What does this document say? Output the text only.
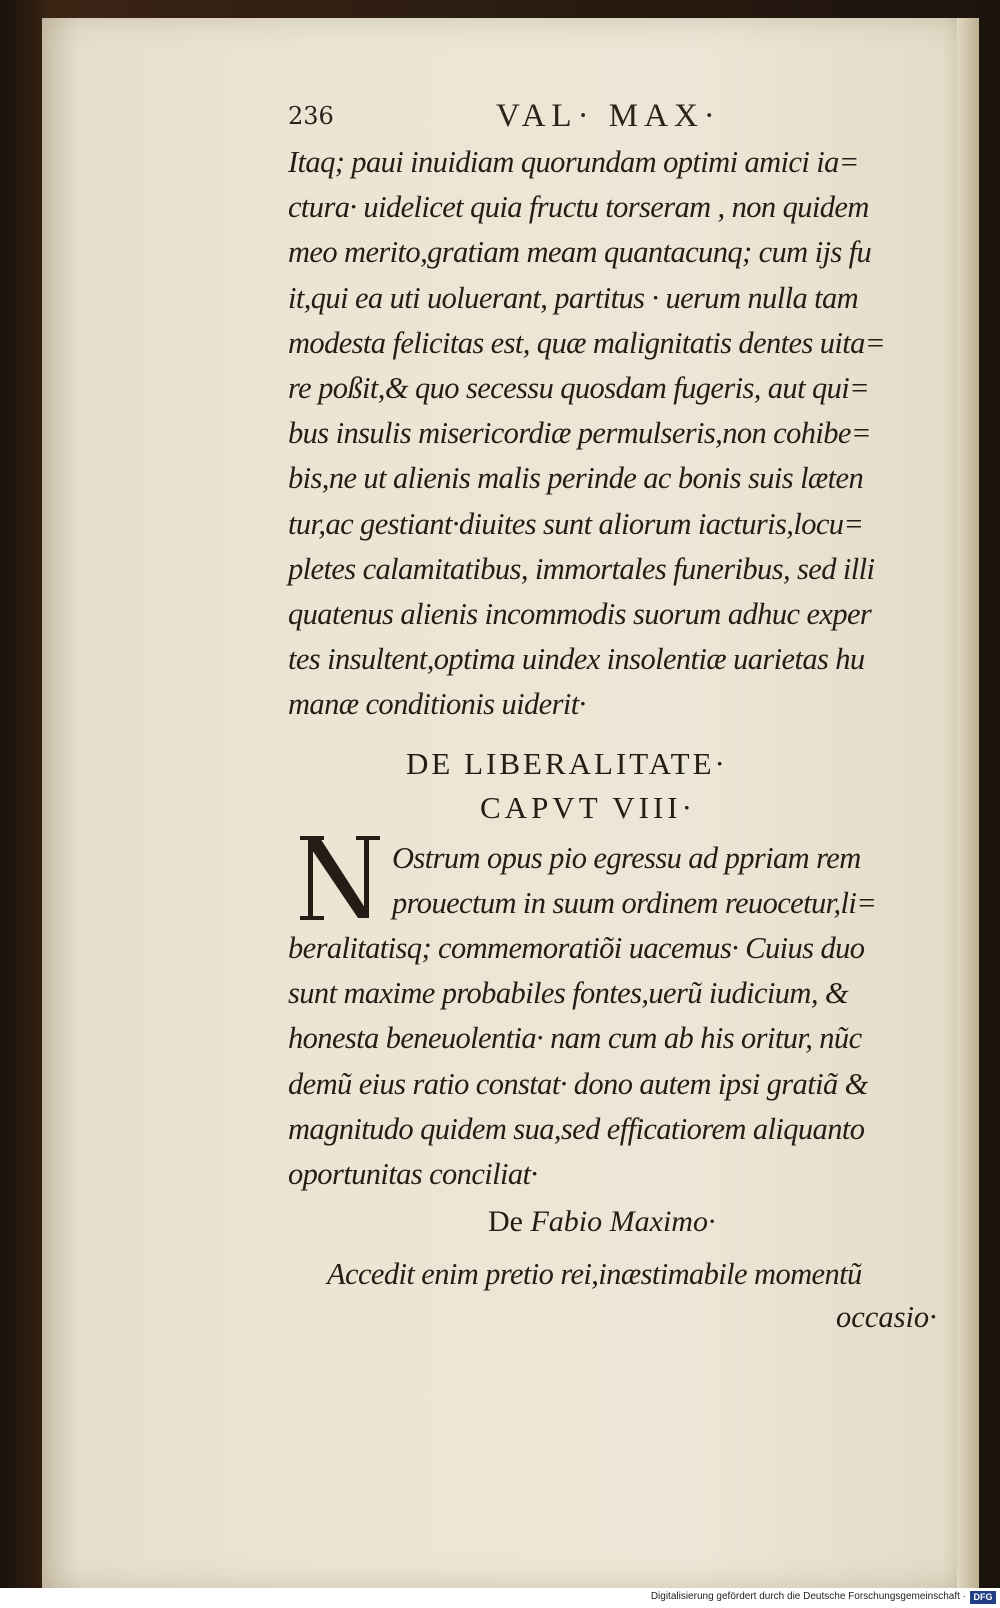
236	VAL· MAX·
Itaq; paui inuidiam quorundam optimi amici ia=
ctura· uidelicet quia fructu torseram , non quidem
meo merito,gratiam meam quantacunq; cum ijs fu
it,qui ea uti uoluerant, partitus · uerum nulla tam
modesta felicitas est, quæ malignitatis dentes uita=
re poßit,& quo secessu quosdam fugeris, aut qui=
bus insulis misericordiæ permulseris,non cohibe=
bis,ne ut alienis malis perinde ac bonis suis læten
tur,ac gestiant·diuites sunt aliorum iacturis,locu=
pletes calamitatibus, immortales funeribus, sed illi
quatenus alienis incommodis suorum adhuc exper
tes insultent,optima uindex insolentiæ uarietas hu
manæ conditionis uiderit·
DE LIBERALITATE·
CAPVT VIII·
Ostrum opus pio egressu ad ppriam rem
prouectum in suum ordinem reuocetur,li=
beralitatisq; commemoratiõi uacemus· Cuius duo
sunt maxime probabiles fontes,uerũ iudicium, &
honesta beneuolentia· nam cum ab his oritur, nũc
demũ eius ratio constat· dono autem ipsi gratiã &
magnitudo quidem sua,sed efficatiorem aliquanto
oportunitas conciliat·
De Fabio Maximo·
Accedit enim pretio rei,inæstimabile momentũ
occasio·
Digitalisierung gefördert durch die Deutsche Forschungsgemeinschaft · DFG
